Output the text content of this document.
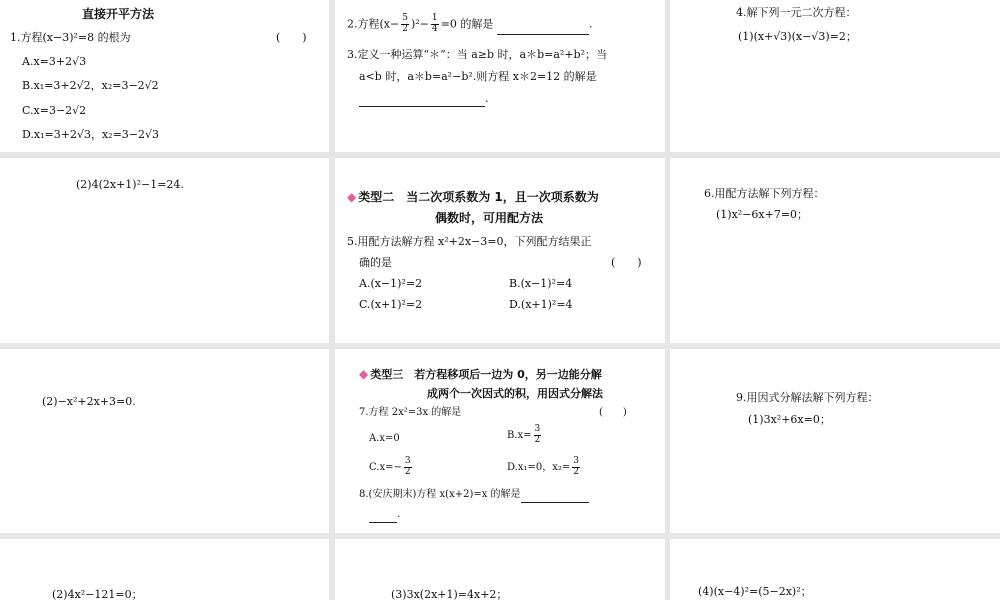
直接开平方法
1.方程(x−3)²=8 的根为	(　　)
A.x=3+2√3
B.x₁=3+2√2，x₂=3−2√2
C.x=3−2√2
D.x₁=3+2√3，x₂=3−2√3
2.方程$(x- \frac{5}{2} )^2- \frac{1}{4} =0$ 的解是	.
3.定义一种运算“＊”：当 a≥b 时，a＊b=a²+b²；当
a<b 时，a＊b=a²−b².则方程 x＊2=12 的解是
.
4.解下列一元二次方程：
(1)(x+√3)(x−√3)=2；
(2)4(2x+1)²−1=24.
◆ 类型二　当二次项系数为 1，且一次项系数为
偶数时，可用配方法
5.用配方法解方程 x²+2x−3=0，下列配方结果正
确的是	(　　)
A.(x−1)²=2	B.(x−1)²=4
C.(x+1)²=2	D.(x+1)²=4
6.用配方法解下列方程：
(1)x²−6x+7=0；
(2)−x²+2x+3=0.
◆ 类型三　若方程移项后一边为 0，另一边能分解
成两个一次因式的积，用因式分解法
7.方程 2x²=3x 的解是	(　　)
A.x=0	$B.x= \frac{3}{2}$
$C.x=- \frac{3}{2}$	D.x₁=0，$x_2= \frac{3}{2}$
8.(安庆期末)方程 x(x+2)=x 的解是
.
9.用因式分解法解下列方程：
(1)3x²+6x=0；
(2)4x²−121=0；	(3)3x(2x+1)=4x+2；	(4)(x−4)²=(5−2x)²；
